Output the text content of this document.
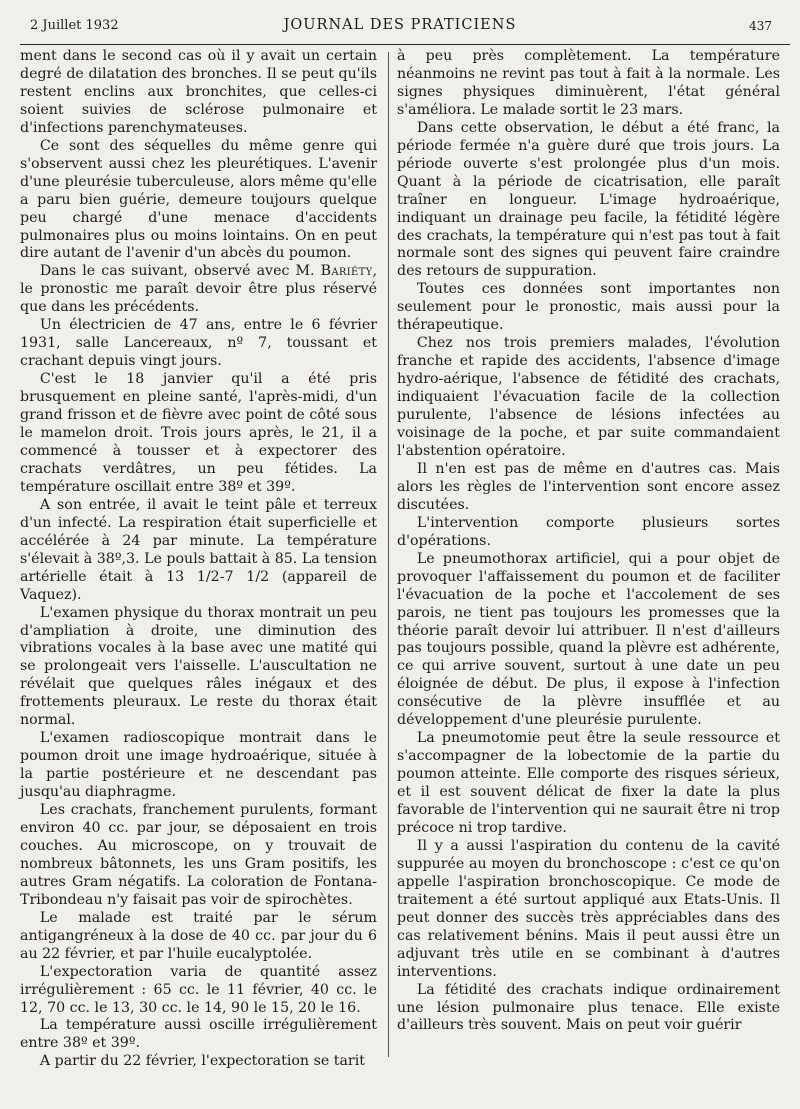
2 Juillet 1932	JOURNAL DES PRATICIENS	437

ment dans le second cas où il y avait un certain degré de dilatation des bronches. Il se peut qu'ils restent enclins aux bronchites, que celles-ci soient suivies de sclérose pulmonaire et d'infections parenchymateuses.

Ce sont des séquelles du même genre qui s'observent aussi chez les pleurétiques. L'avenir d'une pleurésie tuberculeuse, alors même qu'elle a paru bien guérie, demeure toujours quelque peu chargé d'une menace d'accidents pulmonaires plus ou moins lointains. On en peut dire autant de l'avenir d'un abcès du poumon.

Dans le cas suivant, observé avec M. Bariéty, le pronostic me paraît devoir être plus réservé que dans les précédents.

Un électricien de 47 ans, entre le 6 février 1931, salle Lancereaux, nº 7, toussant et crachant depuis vingt jours.

C'est le 18 janvier qu'il a été pris brusquement en pleine santé, l'après-midi, d'un grand frisson et de fièvre avec point de côté sous le mamelon droit. Trois jours après, le 21, il a commencé à tousser et à expectorer des crachats verdâtres, un peu fétides. La température oscillait entre 38º et 39º.

A son entrée, il avait le teint pâle et terreux d'un infecté. La respiration était superficielle et accélérée à 24 par minute. La température s'élevait à 38º,3. Le pouls battait à 85. La tension artérielle était à 13 1/2-7 1/2 (appareil de Vaquez).

L'examen physique du thorax montrait un peu d'ampliation à droite, une diminution des vibrations vocales à la base avec une matité qui se prolongeait vers l'aisselle. L'auscultation ne révélait que quelques râles inégaux et des frottements pleuraux. Le reste du thorax était normal.

L'examen radioscopique montrait dans le poumon droit une image hydroaérique, située à la partie postérieure et ne descendant pas jusqu'au diaphragme.

Les crachats, franchement purulents, formant environ 40 cc. par jour, se déposaient en trois couches. Au microscope, on y trouvait de nombreux bâtonnets, les uns Gram positifs, les autres Gram négatifs. La coloration de Fontana-Tribondeau n'y faisait pas voir de spirochètes.

Le malade est traité par le sérum antigangréneux à la dose de 40 cc. par jour du 6 au 22 février, et par l'huile eucalyptolée.

L'expectoration varia de quantité assez irrégulièrement : 65 cc. le 11 février, 40 cc. le 12, 70 cc. le 13, 30 cc. le 14, 90 le 15, 20 le 16.

La température aussi oscille irrégulièrement entre 38º et 39º.

A partir du 22 février, l'expectoration se tarit

à peu près complètement. La température néanmoins ne revint pas tout à fait à la normale. Les signes physiques diminuèrent, l'état général s'améliora. Le malade sortit le 23 mars.

Dans cette observation, le début a été franc, la période fermée n'a guère duré que trois jours. La période ouverte s'est prolongée plus d'un mois. Quant à la période de cicatrisation, elle paraît traîner en longueur. L'image hydroaérique, indiquant un drainage peu facile, la fétidité légère des crachats, la température qui n'est pas tout à fait normale sont des signes qui peuvent faire craindre des retours de suppuration.

Toutes ces données sont importantes non seulement pour le pronostic, mais aussi pour la thérapeutique.

Chez nos trois premiers malades, l'évolution franche et rapide des accidents, l'absence d'image hydro-aérique, l'absence de fétidité des crachats, indiquaient l'évacuation facile de la collection purulente, l'absence de lésions infectées au voisinage de la poche, et par suite commandaient l'abstention opératoire.

Il n'en est pas de même en d'autres cas. Mais alors les règles de l'intervention sont encore assez discutées.

L'intervention comporte plusieurs sortes d'opérations.

Le pneumothorax artificiel, qui a pour objet de provoquer l'affaissement du poumon et de faciliter l'évacuation de la poche et l'accolement de ses parois, ne tient pas toujours les promesses que la théorie paraît devoir lui attribuer. Il n'est d'ailleurs pas toujours possible, quand la plèvre est adhérente, ce qui arrive souvent, surtout à une date un peu éloignée de début. De plus, il expose à l'infection consécutive de la plèvre insufflée et au développement d'une pleurésie purulente.

La pneumotomie peut être la seule ressource et s'accompagner de la lobectomie de la partie du poumon atteinte. Elle comporte des risques sérieux, et il est souvent délicat de fixer la date la plus favorable de l'intervention qui ne saurait être ni trop précoce ni trop tardive.

Il y a aussi l'aspiration du contenu de la cavité suppurée au moyen du bronchoscope : c'est ce qu'on appelle l'aspiration bronchoscopique. Ce mode de traitement a été surtout appliqué aux Etats-Unis. Il peut donner des succès très appréciables dans des cas relativement bénins. Mais il peut aussi être un adjuvant très utile en se combinant à d'autres interventions.

La fétidité des crachats indique ordinairement une lésion pulmonaire plus tenace. Elle existe d'ailleurs très souvent. Mais on peut voir guérir
